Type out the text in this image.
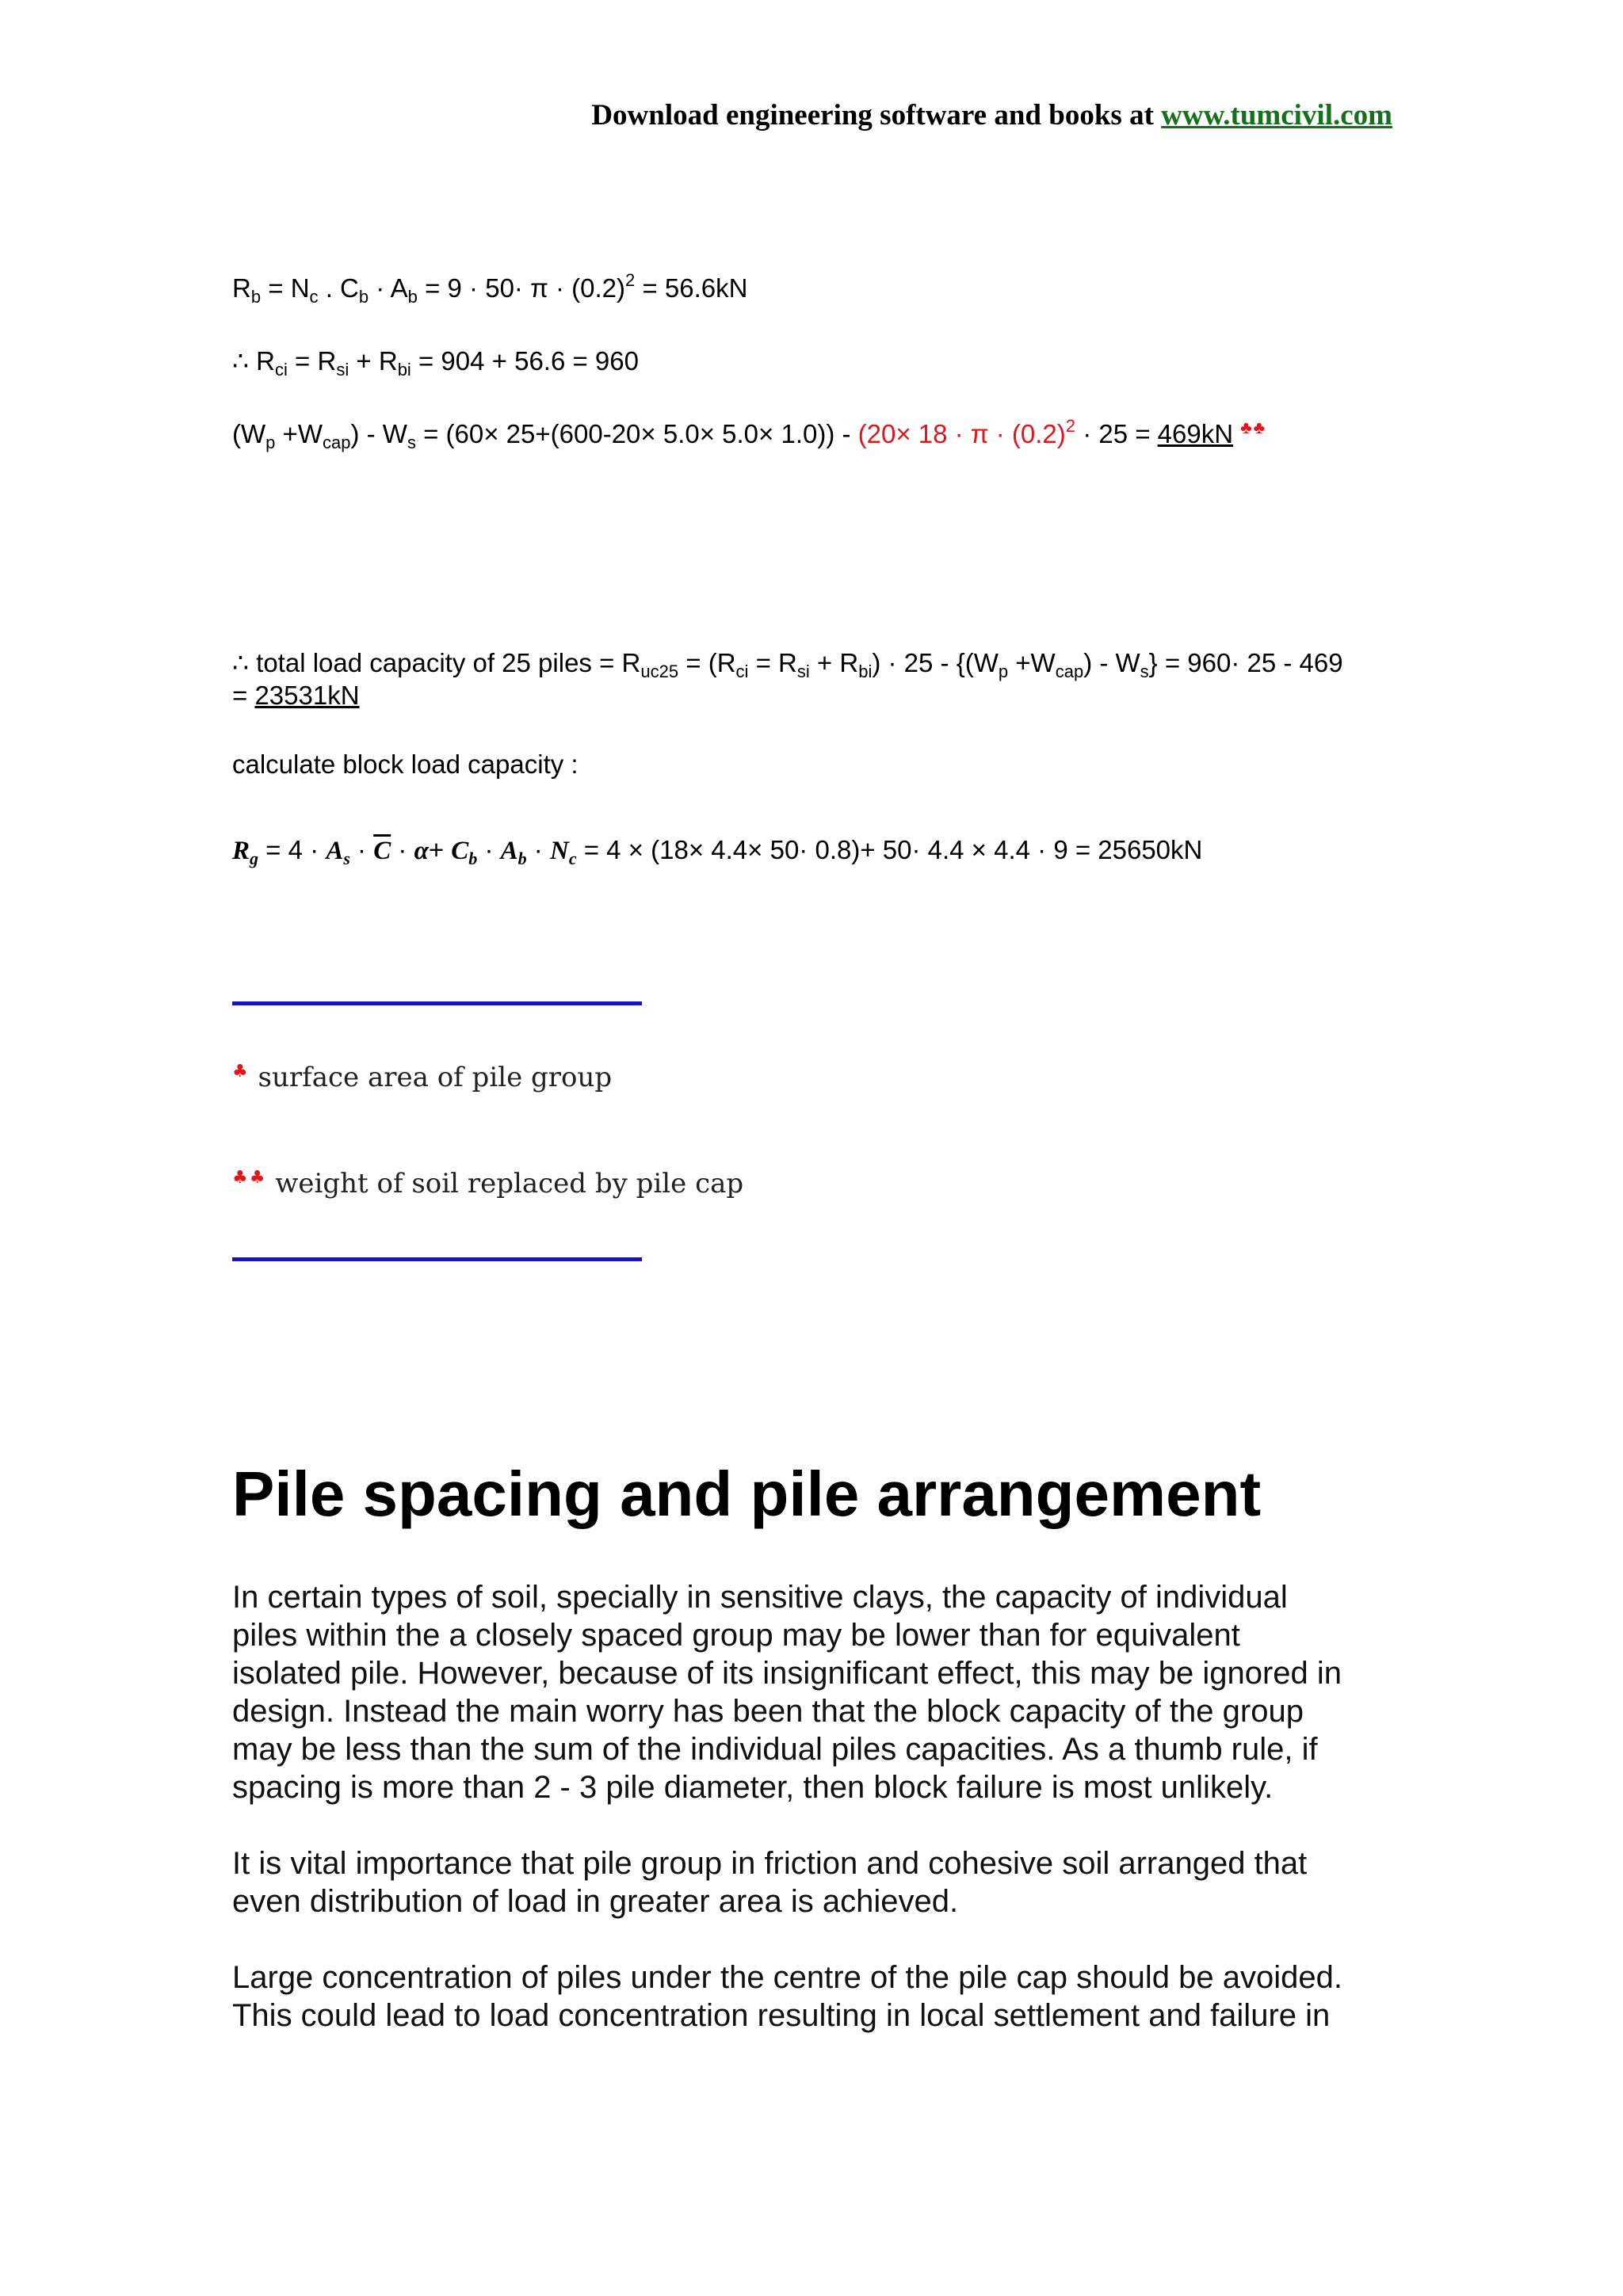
Download engineering software and books at www.tumcivil.com
$R_b = N_c$ . $C_b \cdot A_b = 9 \cdot 50\cdot \pi \cdot (0.2)^2 = 56.6kN$
∴ $R_{ci} = R_{si} + R_{bi} = 904 + 56.6 = 960$
$(W_p +W_{cap}) - W_s = (60\times 25+(600-20\times 5.0\times 5.0\times 1.0)) - (20\times 18 \cdot \pi \cdot (0.2)^2 \cdot 25 = 469kN$ ♣♣
∴ total load capacity of 25 piles = $R_{uc25} = (R_{ci} = R_{si} + R_{bi}) \cdot 25 - \{(W_p +W_{cap}) - W_s\} = 960\cdot 25 - 469$
= 23531kN
calculate block load capacity :
$R_g = 4 \cdot A_s \cdot \overline{C} \cdot \alpha+ C_b \cdot A_b \cdot N_c = 4 \times (18\times 4.4\times 50\cdot 0.8)+ 50\cdot 4.4 \times 4.4 \cdot 9 = 25650kN$
♣ surface area of pile group
♣♣ weight of soil replaced by pile cap
Pile spacing and pile arrangement
In certain types of soil, specially in sensitive clays, the capacity of individual
piles within the a closely spaced group may be lower than for equivalent
isolated pile. However, because of its insignificant effect, this may be ignored in
design. Instead the main worry has been that the block capacity of the group
may be less than the sum of the individual piles capacities. As a thumb rule, if
spacing is more than 2 - 3 pile diameter, then block failure is most unlikely.
It is vital importance that pile group in friction and cohesive soil arranged that
even distribution of load in greater area is achieved.
Large concentration of piles under the centre of the pile cap should be avoided.
This could lead to load concentration resulting in local settlement and failure in
